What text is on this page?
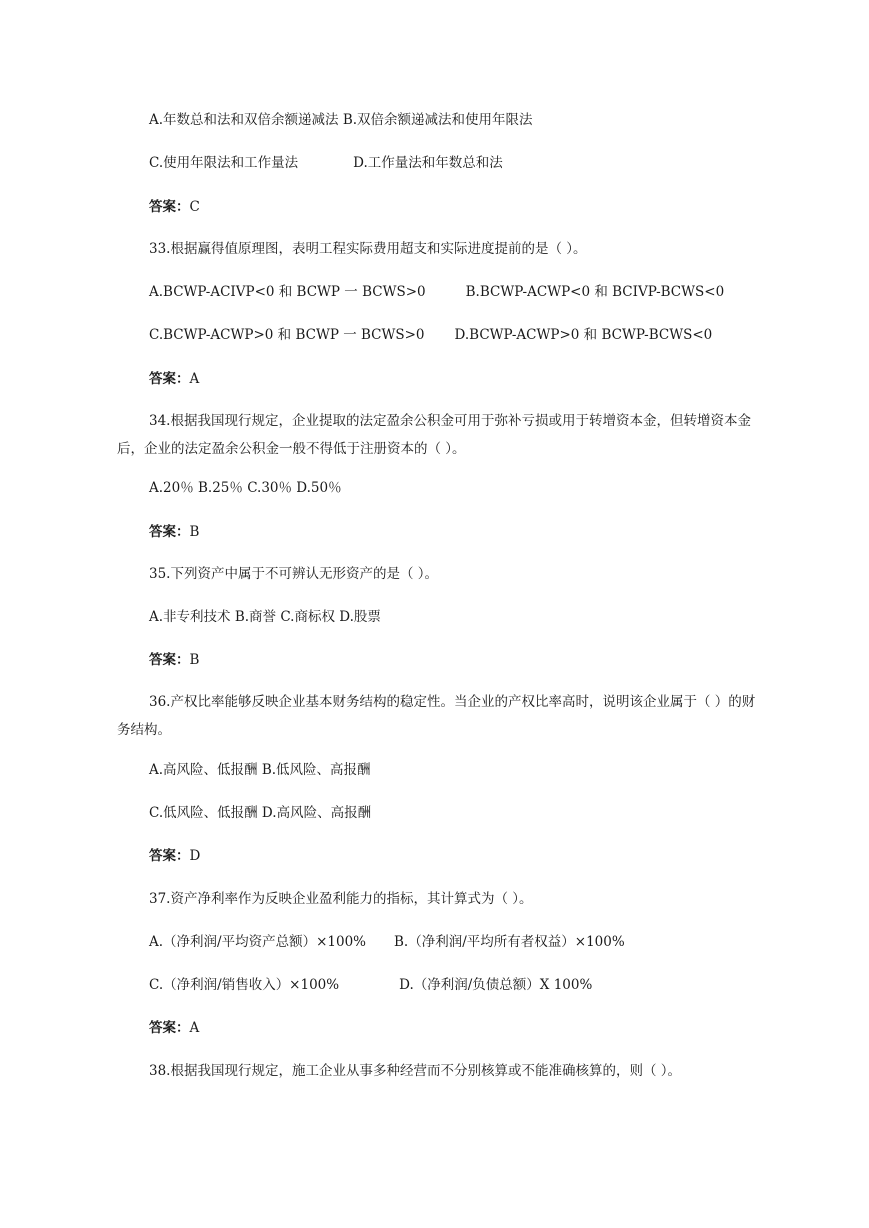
A.年数总和法和双倍余额递减法 B.双倍余额递减法和使用年限法
C.使用年限法和工作量法	D.工作量法和年数总和法
答案：C
33.根据赢得值原理图，表明工程实际费用超支和实际进度提前的是（ ）。
A.BCWP-ACIVP<0 和 BCWP 一 BCWS>0	B.BCWP-ACWP<0 和 BCIVP-BCWS<0
C.BCWP-ACWP>0 和 BCWP 一 BCWS>0 D.BCWP-ACWP>0 和 BCWP-BCWS<0
答案：A
34.根据我国现行规定，企业提取的法定盈余公积金可用于弥补亏损或用于转增资本金，但转增资本金后，企业的法定盈余公积金一般不得低于注册资本的（ ）。
A.20％ B.25％ C.30％ D.50％
答案：B
35.下列资产中属于不可辨认无形资产的是（ ）。
A.非专利技术 B.商誉 C.商标权 D.股票
答案：B
36.产权比率能够反映企业基本财务结构的稳定性。当企业的产权比率高时，说明该企业属于（ ）的财务结构。
A.高风险、低报酬 B.低风险、高报酬
C.低风险、低报酬 D.高风险、高报酬
答案：D
37.资产净利率作为反映企业盈利能力的指标，其计算式为（ ）。
A.（净利润/平均资产总额）×100% B.（净利润/平均所有者权益）×100%
C.（净利润/销售收入）×100%	D.（净利润/负债总额）X 100%
答案：A
38.根据我国现行规定，施工企业从事多种经营而不分别核算或不能准确核算的，则（ ）。
